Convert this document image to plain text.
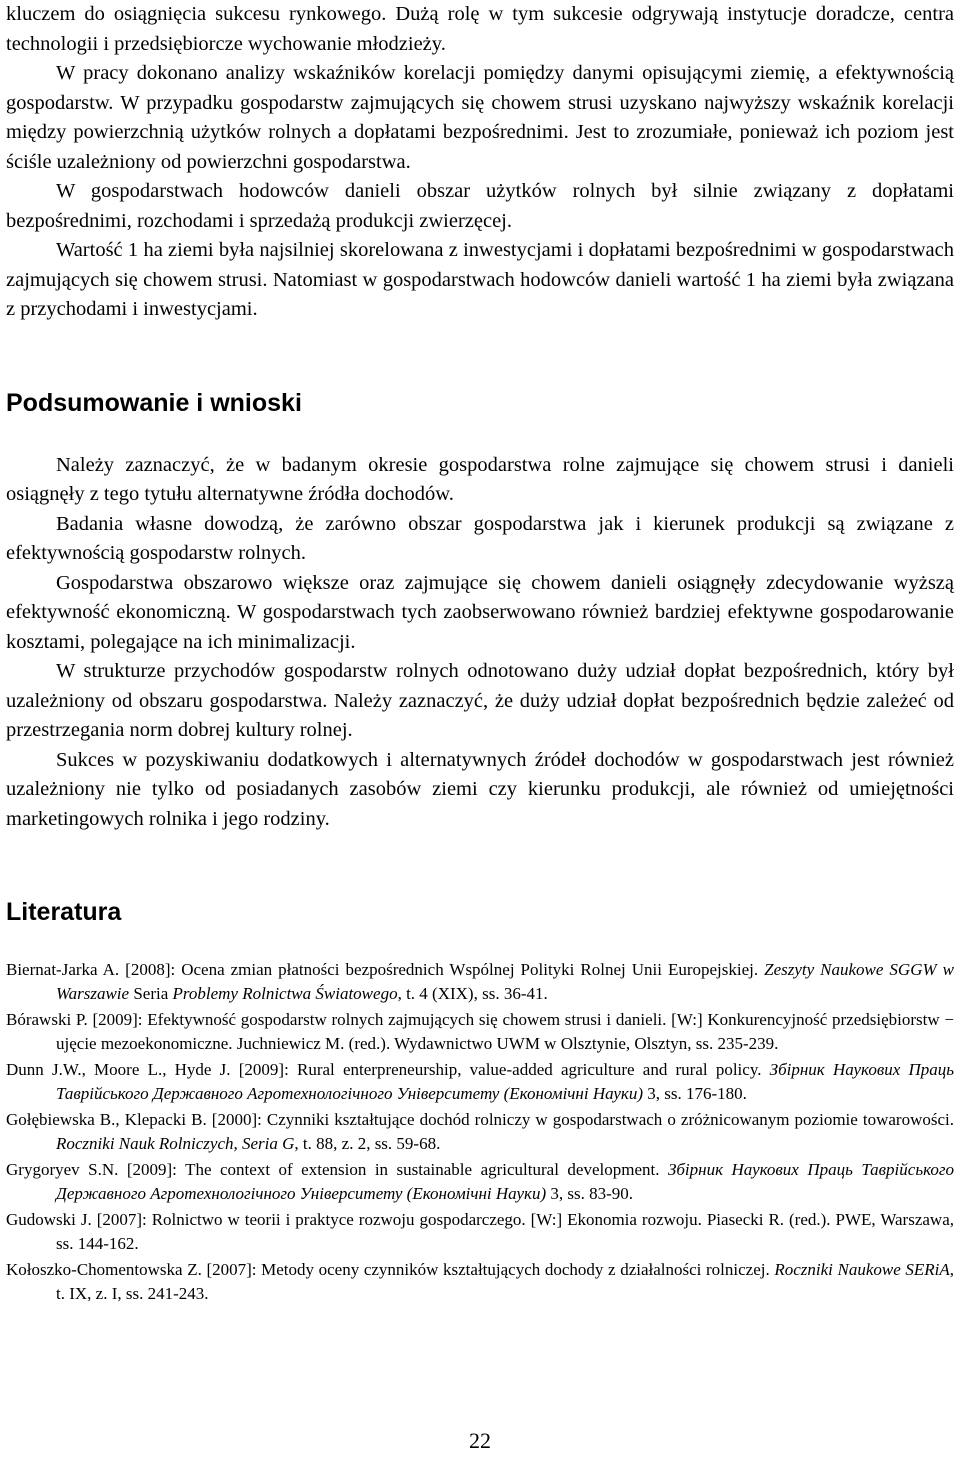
kluczem do osiągnięcia sukcesu rynkowego. Dużą rolę w tym sukcesie odgrywają instytucje doradcze, centra technologii i przedsiębiorcze wychowanie młodzieży.

W pracy dokonano analizy wskaźników korelacji pomiędzy danymi opisującymi ziemię, a efektywnością gospodarstw. W przypadku gospodarstw zajmujących się chowem strusi uzyskano najwyższy wskaźnik korelacji między powierzchnią użytków rolnych a dopłatami bezpośrednimi. Jest to zrozumiałe, ponieważ ich poziom jest ściśle uzależniony od powierzchni gospodarstwa.

W gospodarstwach hodowców danieli obszar użytków rolnych był silnie związany z dopłatami bezpośrednimi, rozchodami i sprzedażą produkcji zwierzęcej.

Wartość 1 ha ziemi była najsilniej skorelowana z inwestycjami i dopłatami bezpośrednimi w gospodarstwach zajmujących się chowem strusi. Natomiast w gospodarstwach hodowców danieli wartość 1 ha ziemi była związana z przychodami i inwestycjami.

Podsumowanie i wnioski

Należy zaznaczyć, że w badanym okresie gospodarstwa rolne zajmujące się chowem strusi i danieli osiągnęły z tego tytułu alternatywne źródła dochodów.

Badania własne dowodzą, że zarówno obszar gospodarstwa jak i kierunek produkcji są związane z efektywnością gospodarstw rolnych.

Gospodarstwa obszarowo większe oraz zajmujące się chowem danieli osiągnęły zdecydowanie wyższą efektywność ekonomiczną. W gospodarstwach tych zaobserwowano również bardziej efektywne gospodarowanie kosztami, polegające na ich minimalizacji.

W strukturze przychodów gospodarstw rolnych odnotowano duży udział dopłat bezpośrednich, który był uzależniony od obszaru gospodarstwa. Należy zaznaczyć, że duży udział dopłat bezpośrednich będzie zależeć od przestrzegania norm dobrej kultury rolnej.

Sukces w pozyskiwaniu dodatkowych i alternatywnych źródeł dochodów w gospodarstwach jest również uzależniony nie tylko od posiadanych zasobów ziemi czy kierunku produkcji, ale również od umiejętności marketingowych rolnika i jego rodziny.

Literatura
Biernat-Jarka A. [2008]: Ocena zmian płatności bezpośrednich Wspólnej Polityki Rolnej Unii Europejskiej. Zeszyty Naukowe SGGW w Warszawie Seria Problemy Rolnictwa Światowego, t. 4 (XIX), ss. 36-41.
Bórawski P. [2009]: Efektywność gospodarstw rolnych zajmujących się chowem strusi i danieli. [W:] Konkurencyjność przedsiębiorstw − ujęcie mezoekonomiczne. Juchniewicz M. (red.). Wydawnictwo UWM w Olsztynie, Olsztyn, ss. 235-239.
Dunn J.W., Moore L., Hyde J. [2009]: Rural enterpreneurship, value-added agriculture and rural policy. Збірник Наукових Праць Таврійського Державного Агротехнологічного Університету (Економічні Науки) 3, ss. 176-180.
Gołębiewska B., Klepacki B. [2000]: Czynniki kształtujące dochód rolniczy w gospodarstwach o zróżnicowanym poziomie towarowości. Roczniki Nauk Rolniczych, Seria G, t. 88, z. 2, ss. 59-68.
Grygoryev S.N. [2009]: The context of extension in sustainable agricultural development. Збірник Наукових Праць Таврійського Державного Агротехнологічного Університету (Економічні Науки) 3, ss. 83-90.
Gudowski J. [2007]: Rolnictwo w teorii i praktyce rozwoju gospodarczego. [W:] Ekonomia rozwoju. Piasecki R. (red.). PWE, Warszawa, ss. 144-162.
Kołoszko-Chomentowska Z. [2007]: Metody oceny czynników kształtujących dochody z działalności rolniczej. Roczniki Naukowe SERiA, t. IX, z. I, ss. 241-243.
22
